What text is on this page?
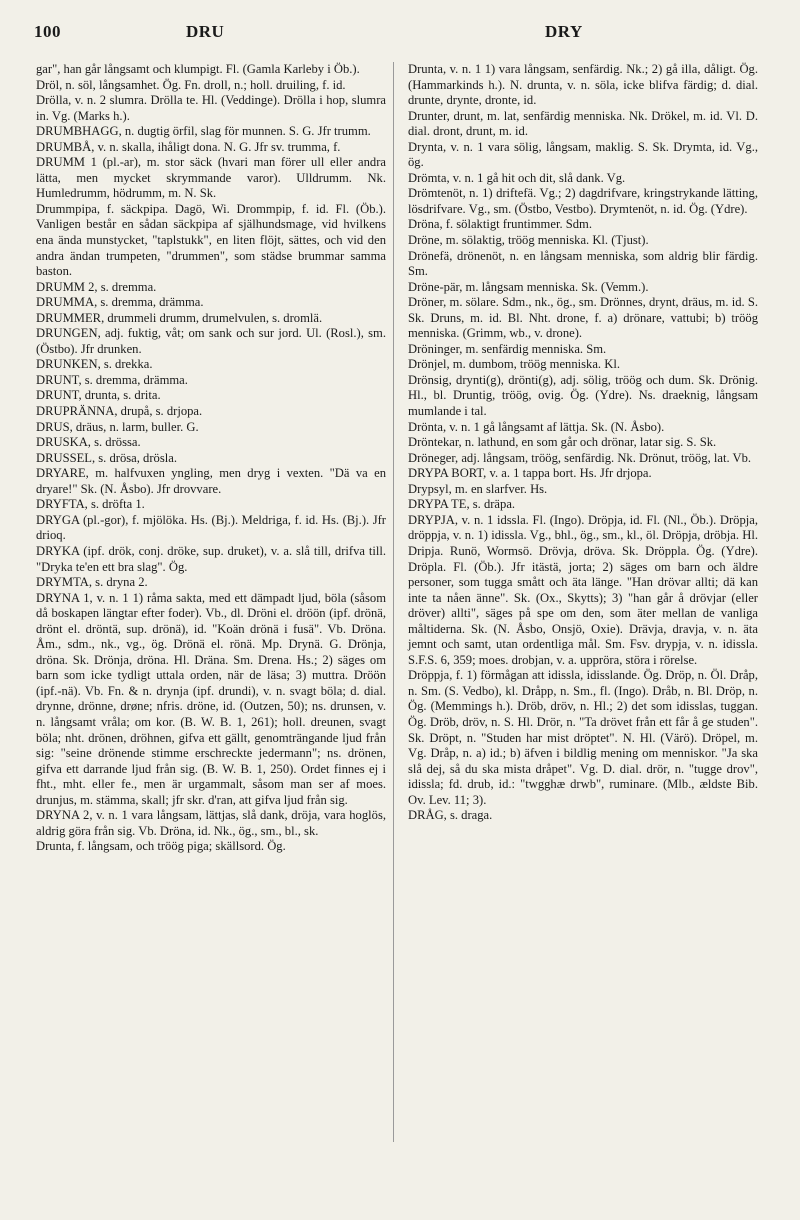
100	DRU	DRY

gar", han går långsamt och klumpigt. Fl. (Gamla Karleby i Öb.).

Dröl, n. söl, långsamhet. Ög. Fn. droll, n.; holl. druiling, f. id.

Drölla, v. n. 2 slumra. Drölla te. Hl. (Veddinge). Drölla i hop, slumra in. Vg. (Marks h.).

DRUMBHAGG, n. dugtig örfil, slag för munnen. S. G. Jfr trumm.

DRUMBÅ, v. n. skalla, ihåligt dona. N. G. Jfr sv. trumma, f.

DRUMM 1 (pl.-ar), m. stor säck (hvari man förer ull eller andra lätta, men mycket skrymmande varor). Ulldrumm. Nk. Humledrumm, hödrumm, m. N. Sk.

Drummpipa, f. säckpipa. Dagö, Wi. Drommpip, f. id. Fl. (Öb.). Vanligen består en sådan säckpipa af själhundsmage, vid hvilkens ena ända munstycket, "taplstukk", en liten flöjt, sättes, och vid den andra ändan trumpeten, "drummen", som städse brummar samma baston.

DRUMM 2, s. dremma.

DRUMMA, s. dremma, drämma.

DRUMMER, drummeli drumm, drumelvulen, s. dromlä.

DRUNGEN, adj. fuktig, våt; om sank och sur jord. Ul. (Rosl.), sm. (Östbo). Jfr drunken.

DRUNKEN, s. drekka.

DRUNT, s. dremma, drämma.

DRUNT, drunta, s. drita.

DRUPRÄNNA, drupå, s. drjopa.

DRUS, dräus, n. larm, buller. G.

DRUSKA, s. drössa.

DRUSSEL, s. drösa, drösla.

DRYARE, m. halfvuxen yngling, men dryg i vexten. "Dä va en dryare!" Sk. (N. Åsbo). Jfr drovvare.

DRYFTA, s. dröfta 1.

DRYGA (pl.-gor), f. mjölöka. Hs. (Bj.). Meldriga, f. id. Hs. (Bj.). Jfr drioq.

DRYKA (ipf. drök, conj. dröke, sup. druket), v. a. slå till, drifva till. "Dryka te'en ett bra slag". Ög.

DRYMTA, s. dryna 2.

DRYNA 1, v. n. 1 1) råma sakta, med ett dämpadt ljud, böla (såsom då boskapen längtar efter foder). Vb., dl. Dröni el. dröön (ipf. drönä, drönt el. dröntä, sup. drönä), id. "Koän drönä i fusä". Vb. Dröna. Åm., sdm., nk., vg., ög. Drönä el. rönä. Mp. Drynä. G. Drönja, dröna. Sk. Drönja, dröna. Hl. Dräna. Sm. Drena. Hs.; 2) säges om barn som icke tydligt uttala orden, när de läsa; 3) muttra. Dröön (ipf.-nä). Vb. Fn. & n. drynja (ipf. drundi), v. n. svagt böla; d. dial. drynne, drönne, drøne; nfris. dröne, id. (Outzen, 50); ns. drunsen, v. n. långsamt vråla; om kor. (B. W. B. 1, 261); holl. dreunen, svagt böla; nht. drönen, dröhnen, gifva ett gällt, genomträngande ljud från sig: "seine drönende stimme erschreckte jedermann"; ns. drönen, gifva ett darrande ljud från sig. (B. W. B. 1, 250). Ordet finnes ej i fht., mht. eller fe., men är urgammalt, såsom man ser af moes. drunjus, m. stämma, skall; jfr skr. d'ran, att gifva ljud från sig.

DRYNA 2, v. n. 1 vara långsam, lättjas, slå dank, dröja, vara hoglös, aldrig göra från sig. Vb. Dröna, id. Nk., ög., sm., bl., sk.

Drunta, f. långsam, och tröög piga; skällsord. Ög.

Drunta, v. n. 1 1) vara långsam, senfärdig. Nk.; 2) gå illa, dåligt. Ög. (Hammarkinds h.). N. drunta, v. n. söla, icke blifva färdig; d. dial. drunte, drynte, dronte, id.

Drunter, drunt, m. lat, senfärdig menniska. Nk. Drökel, m. id. Vl. D. dial. dront, drunt, m. id.

Drynta, v. n. 1 vara sölig, långsam, maklig. S. Sk. Drymta, id. Vg., ög.

Drömta, v. n. 1 gå hit och dit, slå dank. Vg.

Drömtenöt, n. 1) driftefä. Vg.; 2) dagdrifvare, kringstrykande lätting, lösdrifvare. Vg., sm. (Östbo, Vestbo). Drymtenöt, n. id. Ög. (Ydre).

Dröna, f. sölaktigt fruntimmer. Sdm.

Dröne, m. sölaktig, tröög menniska. Kl. (Tjust).

Drönefä, drönenöt, n. en långsam menniska, som aldrig blir färdig. Sm.

Dröne-pär, m. långsam menniska. Sk. (Vemm.).

Dröner, m. sölare. Sdm., nk., ög., sm. Drönnes, drynt, dräus, m. id. S. Sk. Druns, m. id. Bl. Nht. drone, f. a) drönare, vattubi; b) tröög menniska. (Grimm, wb., v. drone).

Dröninger, m. senfärdig menniska. Sm.

Drönjel, m. dumbom, tröög menniska. Kl.

Drönsig, drynti(g), drönti(g), adj. sölig, tröög och dum. Sk. Drönig. Hl., bl. Druntig, tröög, ovig. Ög. (Ydre). Ns. draeknig, långsam mumlande i tal.

Drönta, v. n. 1 gå långsamt af lättja. Sk. (N. Åsbo).

Dröntekar, n. lathund, en som går och drönar, latar sig. S. Sk.

Dröneger, adj. långsam, tröög, senfärdig. Nk. Drönut, tröög, lat. Vb.

DRYPA BORT, v. a. 1 tappa bort. Hs. Jfr drjopa.

Drypsyl, m. en slarfver. Hs.

DRYPA TE, s. dräpa.

DRYPJA, v. n. 1 idssla. Fl. (Ingo). Dröpja, id. Fl. (Nl., Öb.). Dröpja, dröppja, v. n. 1) idissla. Vg., bhl., ög., sm., kl., öl. Dröpja, dröbja. Hl. Dripja. Runö, Wormsö. Drövja, dröva. Sk. Dröppla. Ög. (Ydre). Dröpla. Fl. (Öb.). Jfr itästä, jorta; 2) säges om barn och äldre personer, som tugga smått och äta länge. "Han drövar allti; dä kan inte ta nåen änne". Sk. (Ox., Skytts); 3) "han går å drövjar (eller dröver) allti", säges på spe om den, som äter mellan de vanliga måltiderna. Sk. (N. Åsbo, Onsjö, Oxie). Drävja, dravja, v. n. äta jemnt och samt, utan ordentliga mål. Sm. Fsv. drypja, v. n. idissla. S.F.S. 6, 359; moes. drobjan, v. a. uppröra, störa i rörelse.

Dröppja, f. 1) förmågan att idissla, idisslande. Ög. Dröp, n. Öl. Dråp, n. Sm. (S. Vedbo), kl. Dråpp, n. Sm., fl. (Ingo). Dråb, n. Bl. Dröp, n. Ög. (Memmings h.). Dröb, dröv, n. Hl.; 2) det som idisslas, tuggan. Ög. Dröb, dröv, n. S. Hl. Drör, n. "Ta drövet från ett får å ge studen". Sk. Dröpt, n. "Studen har mist dröptet". N. Hl. (Värö). Dröpel, m. Vg. Dråp, n. a) id.; b) äfven i bildlig mening om menniskor. "Ja ska slå dej, så du ska mista dråpet". Vg. D. dial. drör, n. "tugge drov", idissla; fd. drub, id.: "twgghæ drwb", ruminare. (Mlb., ældste Bib. Ov. Lev. 11; 3).

DRÅG, s. draga.
